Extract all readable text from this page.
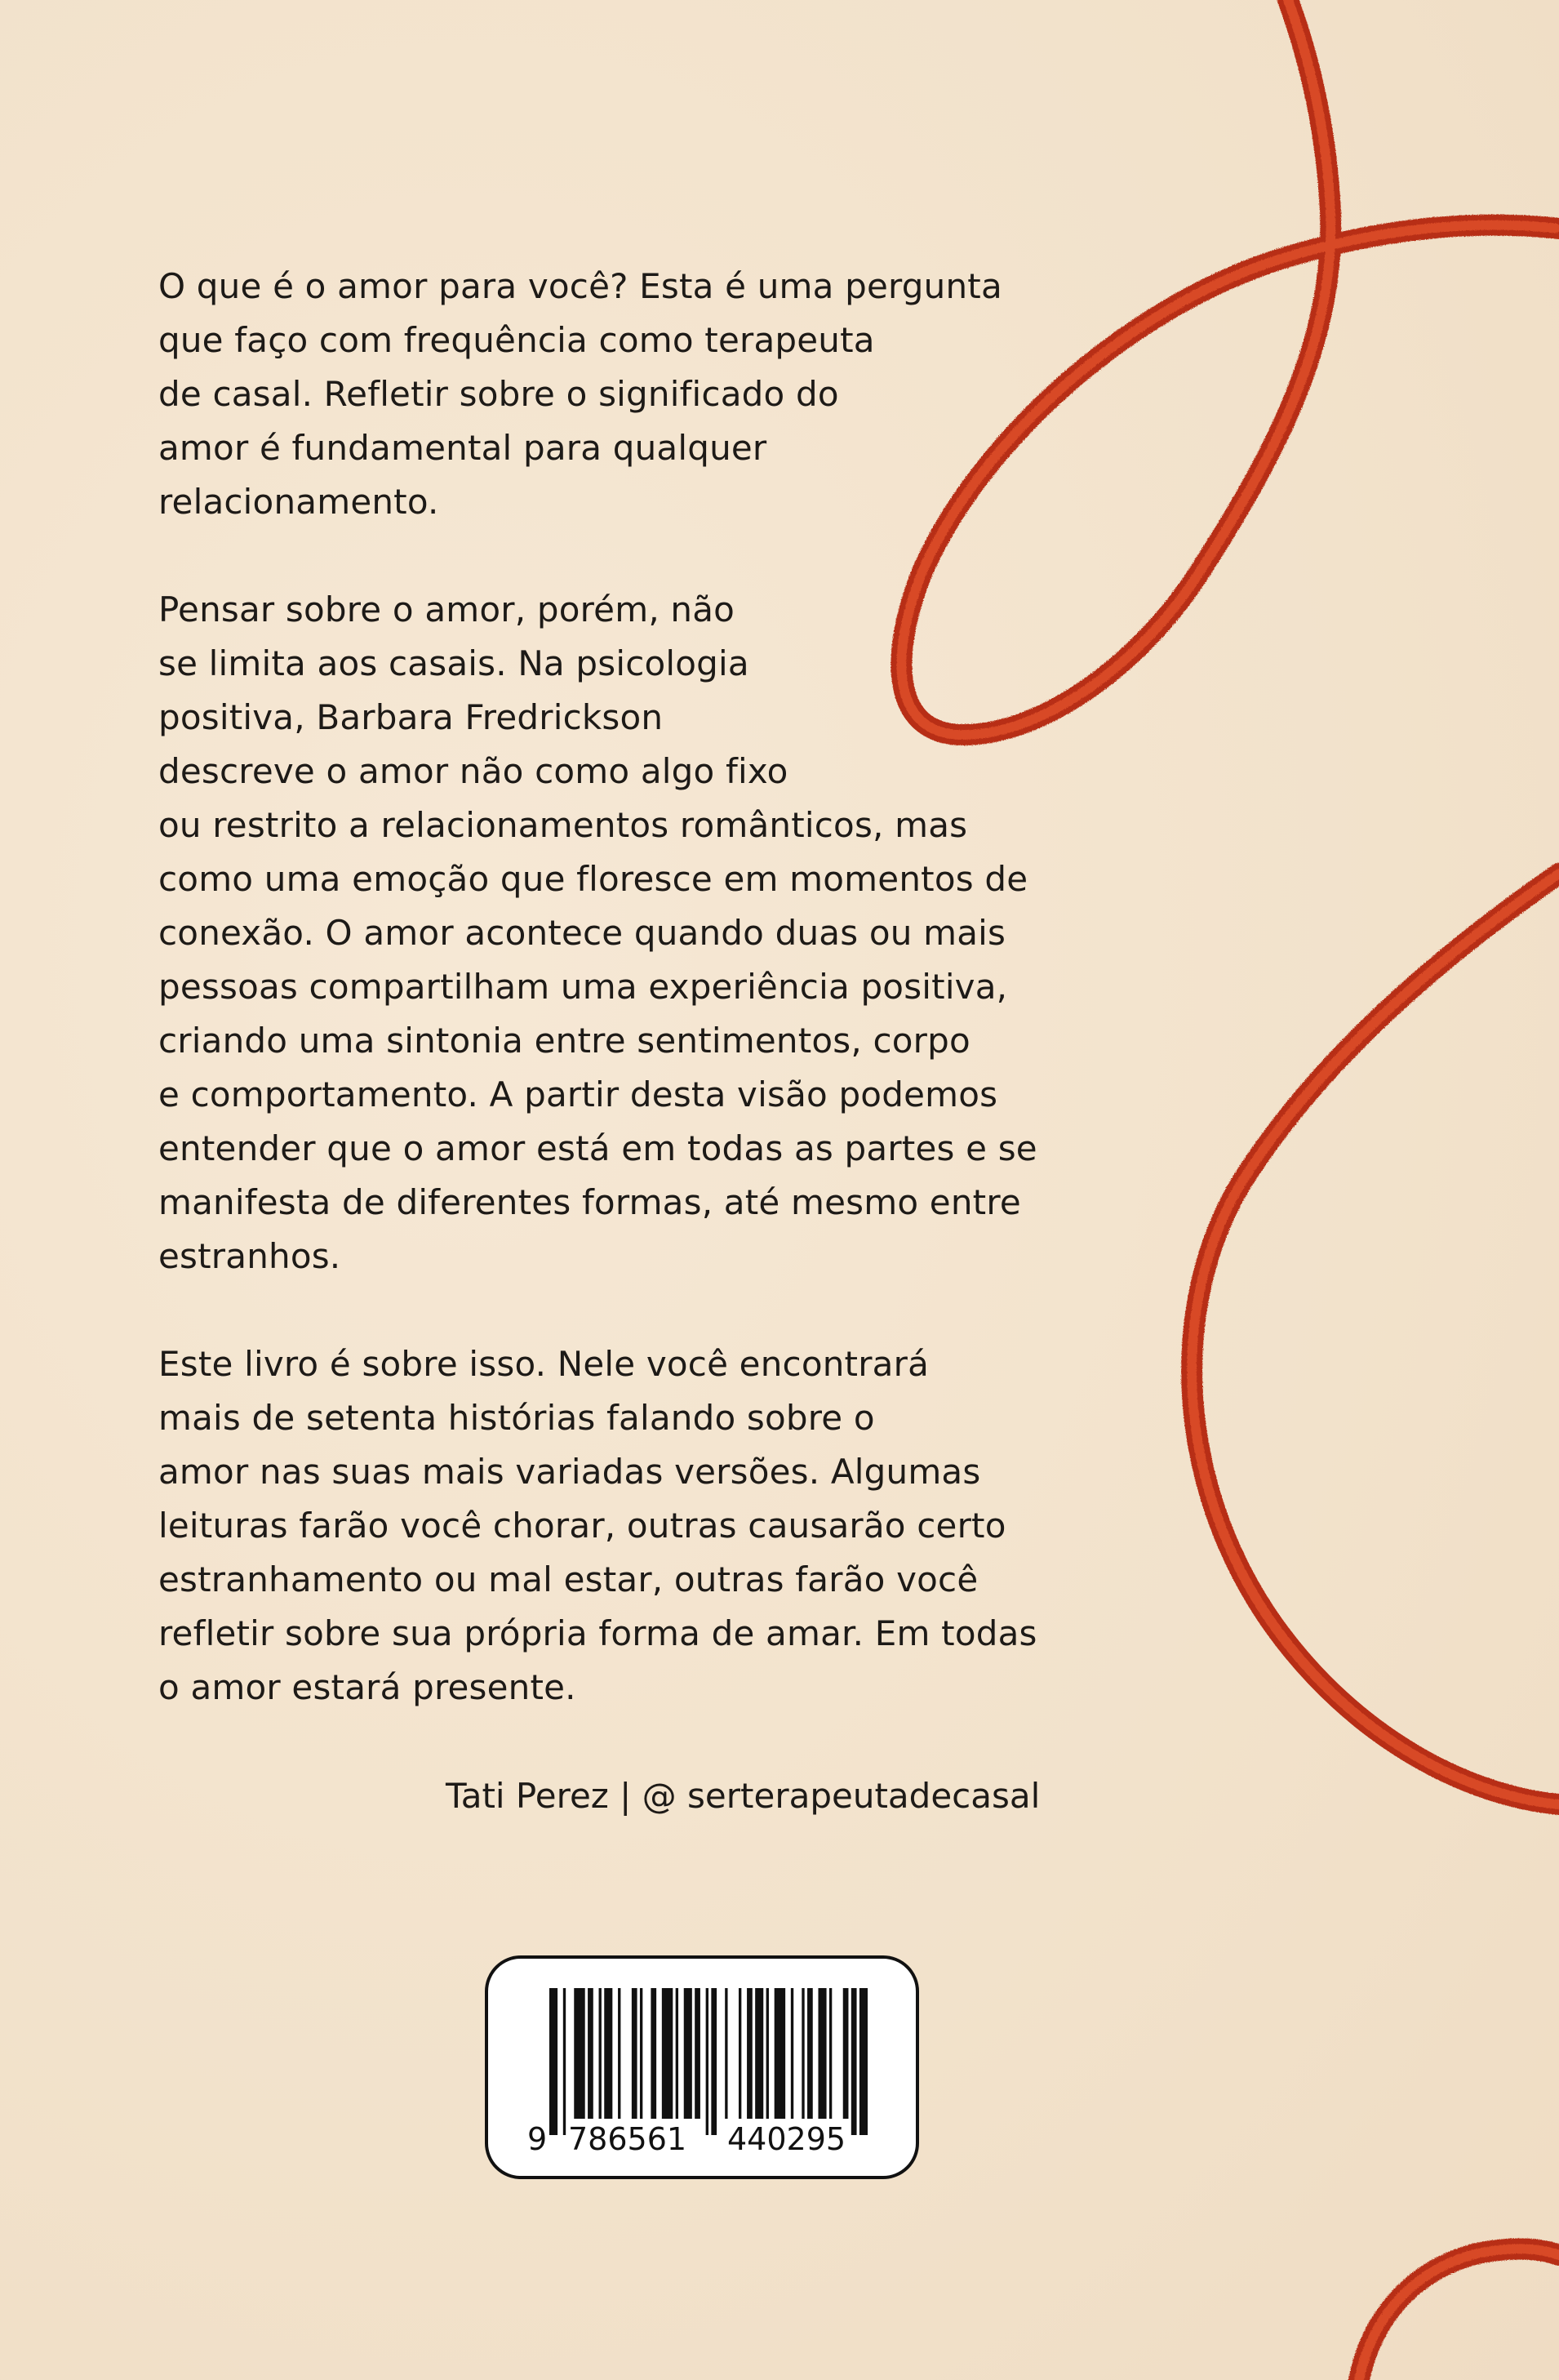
O que é o amor para você? Esta é uma pergunta
que faço com frequência como terapeuta
de casal. Refletir sobre o significado do
amor é fundamental para qualquer
relacionamento.

Pensar sobre o amor, porém, não
se limita aos casais. Na psicologia
positiva, Barbara Fredrickson
descreve o amor não como algo fixo
ou restrito a relacionamentos românticos, mas
como uma emoção que floresce em momentos de
conexão. O amor acontece quando duas ou mais
pessoas compartilham uma experiência positiva,
criando uma sintonia entre sentimentos, corpo
e comportamento. A partir desta visão podemos
entender que o amor está em todas as partes e se
manifesta de diferentes formas, até mesmo entre
estranhos.

Este livro é sobre isso. Nele você encontrará
mais de setenta histórias falando sobre o
amor nas suas mais variadas versões. Algumas
leituras farão você chorar, outras causarão certo
estranhamento ou mal estar, outras farão você
refletir sobre sua própria forma de amar. Em todas
o amor estará presente.

Tati Perez | @ serterapeutadecasal
9 786561 440295
